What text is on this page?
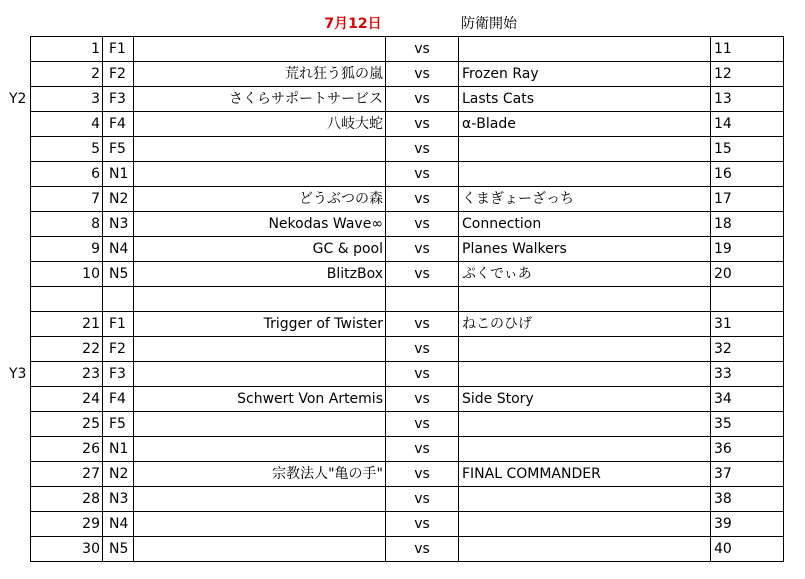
7月12日	防衛開始
Y2
Y3
1	F1		vs		11
2	F2	荒れ狂う狐の嵐	vs	Frozen Ray	12
3	F3	さくらサポートサービス	vs	Lasts Cats	13
4	F4	八岐大蛇	vs	α-Blade	14
5	F5		vs		15
6	N1		vs		16
7	N2	どうぶつの森	vs	くまぎょーざっち	17
8	N3	Nekodas Wave∞	vs	Connection	18
9	N4	GC & pool	vs	Planes Walkers	19
10	N5	BlitzBox	vs	ぷくでぃあ	20

21	F1	Trigger of Twister	vs	ねこのひげ	31
22	F2		vs		32
23	F3		vs		33
24	F4	Schwert Von Artemis	vs	Side Story	34
25	F5		vs		35
26	N1		vs		36
27	N2	宗教法人"亀の手"	vs	FINAL COMMANDER	37
28	N3		vs		38
29	N4		vs		39
30	N5		vs		40
